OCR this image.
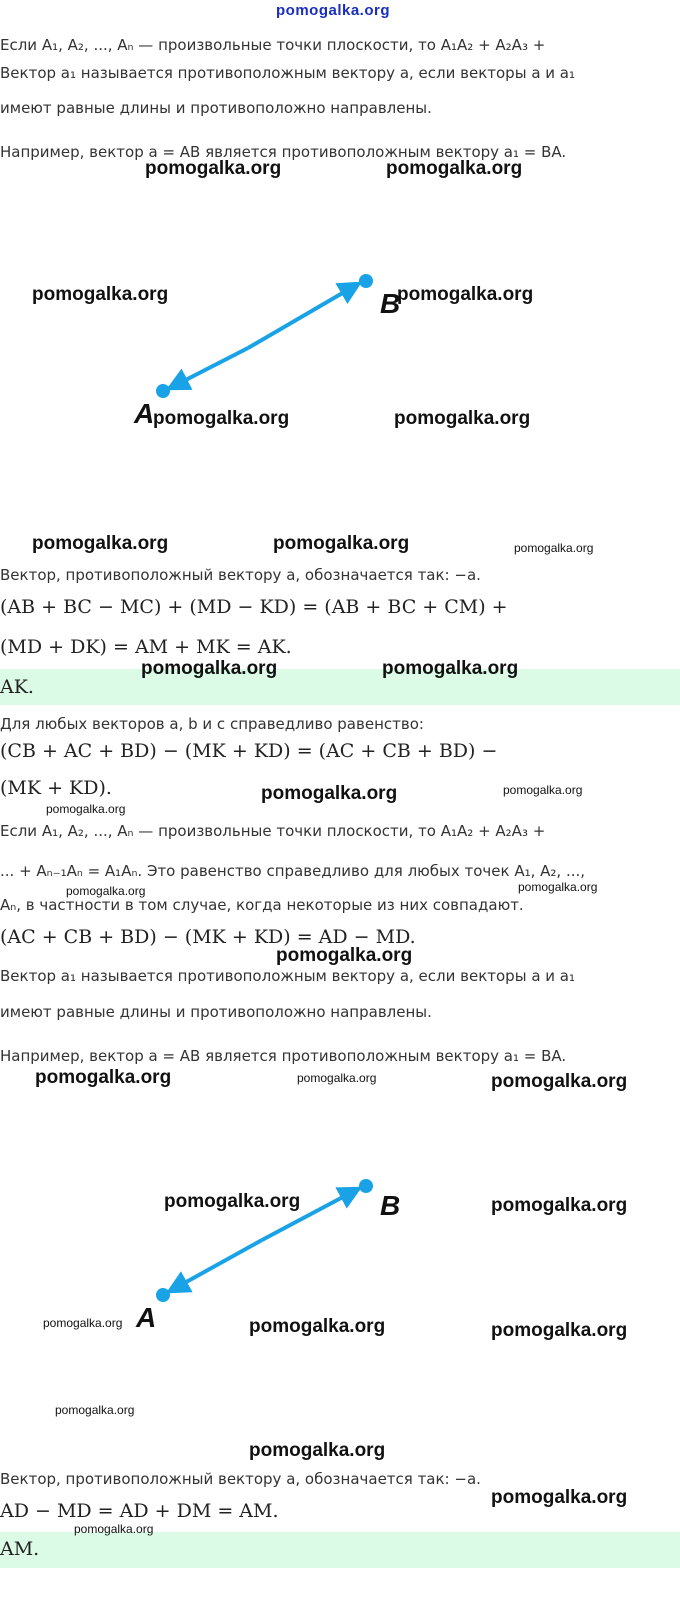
pomogalka.org
Если A₁, A₂, ..., Aₙ — произвольные точки плоскости, то A₁A₂ + A₂A₃ +
Вектор a₁ называется противоположным вектору a, если векторы a и a₁
имеют равные длины и противоположно направлены.
Например, вектор a = AB является противоположным вектору a₁ = BA.
B
A
Вектор, противоположный вектору a, обозначается так: −a.
(AB + BC − MC) + (MD − KD) = (AB + BC + CM) +
(MD + DK) = AM + MK = AK.
AK.
Для любых векторов a, b и c справедливо равенство:
(CB + AC + BD) − (MK + KD) = (AC + CB + BD) −
(MK + KD).
Если A₁, A₂, ..., Aₙ — произвольные точки плоскости, то A₁A₂ + A₂A₃ +
... + Aₙ₋₁Aₙ = A₁Aₙ. Это равенство справедливо для любых точек A₁, A₂, ...,
Aₙ, в частности в том случае, когда некоторые из них совпадают.
(AC + CB + BD) − (MK + KD) = AD − MD.
Вектор a₁ называется противоположным вектору a, если векторы a и a₁
имеют равные длины и противоположно направлены.
Например, вектор a = AB является противоположным вектору a₁ = BA.
B
A
Вектор, противоположный вектору a, обозначается так: −a.
AD − MD = AD + DM = AM.
AM.
pomogalka.org	pomogalka.org
pomogalka.org	pomogalka.org
pomogalka.org	pomogalka.org
pomogalka.org	pomogalka.org
pomogalka.org	pomogalka.org
pomogalka.org
pomogalka.org
pomogalka.org	pomogalka.org
pomogalka.org	pomogalka.org
pomogalka.org	pomogalka.org
pomogalka.org
pomogalka.org
pomogalka.org
pomogalka.org
pomogalka.org
pomogalka.org	pomogalka.org
pomogalka.org
pomogalka.org
pomogalka.org
pomogalka.org
